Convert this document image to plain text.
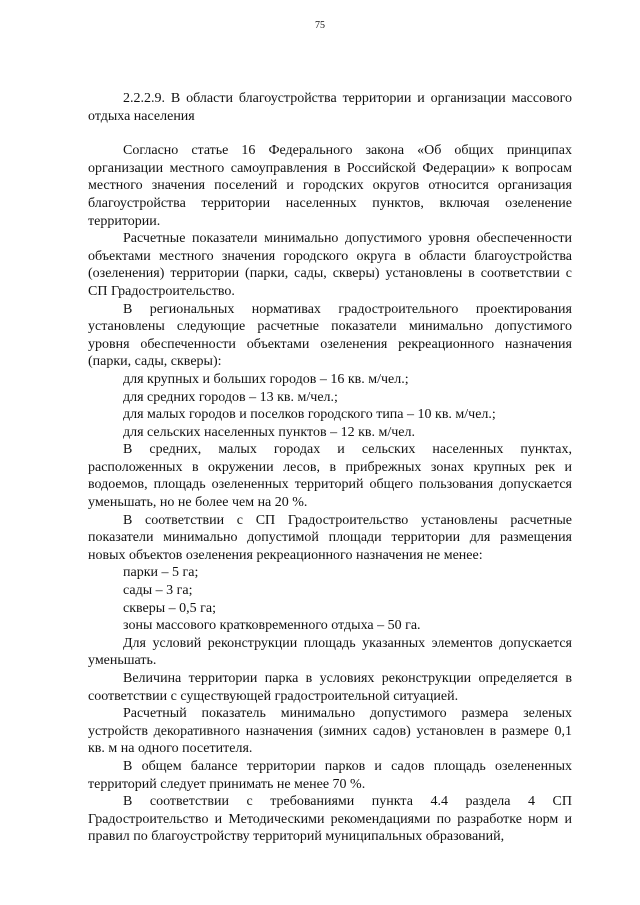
75

2.2.2.9. В области благоустройства территории и организации массового отдыха населения

Согласно статье 16 Федерального закона «Об общих принципах организации местного самоуправления в Российской Федерации» к вопросам местного значения поселений и городских округов относится организация благоустройства территории населенных пунктов, включая озеленение территории.

Расчетные показатели минимально допустимого уровня обеспеченности объектами местного значения городского округа в области благоустройства (озеленения) территории (парки, сады, скверы) установлены в соответствии с СП Градостроительство.

В региональных нормативах градостроительного проектирования установлены следующие расчетные показатели минимально допустимого уровня обеспеченности объектами озеленения рекреационного назначения (парки, сады, скверы):

для крупных и больших городов – 16 кв. м/чел.;

для средних городов – 13 кв. м/чел.;

для малых городов и поселков городского типа – 10 кв. м/чел.;

для сельских населенных пунктов – 12 кв. м/чел.

В средних, малых городах и сельских населенных пунктах, расположенных в окружении лесов, в прибрежных зонах крупных рек и водоемов, площадь озелененных территорий общего пользования допускается уменьшать, но не более чем на 20 %.

В соответствии с СП Градостроительство установлены расчетные показатели минимально допустимой площади территории для размещения новых объектов озеленения рекреационного назначения не менее:

парки – 5 га;

сады – 3 га;

скверы – 0,5 га;

зоны массового кратковременного отдыха – 50 га.

Для условий реконструкции площадь указанных элементов допускается уменьшать.

Величина территории парка в условиях реконструкции определяется в соответствии с существующей градостроительной ситуацией.

Расчетный показатель минимально допустимого размера зеленых устройств декоративного назначения (зимних садов) установлен в размере 0,1 кв. м на одного посетителя.

В общем балансе территории парков и садов площадь озелененных территорий следует принимать не менее 70 %.

В соответствии с требованиями пункта 4.4 раздела 4 СП Градостроительство и Методическими рекомендациями по разработке норм и правил по благоустройству территорий муниципальных образований,
